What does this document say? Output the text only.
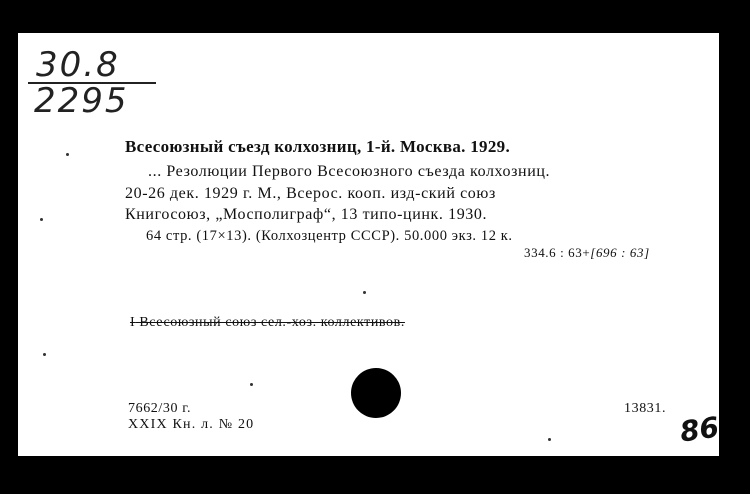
30.8
2295
Всесоюзный съезд колхозниц, 1-й. Москва. 1929.
... Резолюции Первого Всесоюзного съезда колхозниц.
20-26 дек. 1929 г. М., Всерос. кооп. изд-ский союз
Книгосоюз, „Мосполиграф“, 13 типо-цинк. 1930.
64 стр. (17×13). (Колхозцентр СССР). 50.000 экз. 12 к.
334.6 : 63+[696 : 63]
I Всесоюзный союз сел.-хоз. коллективов.
7662/30 г.
XXIX Кн. л. № 20
13831.
86
